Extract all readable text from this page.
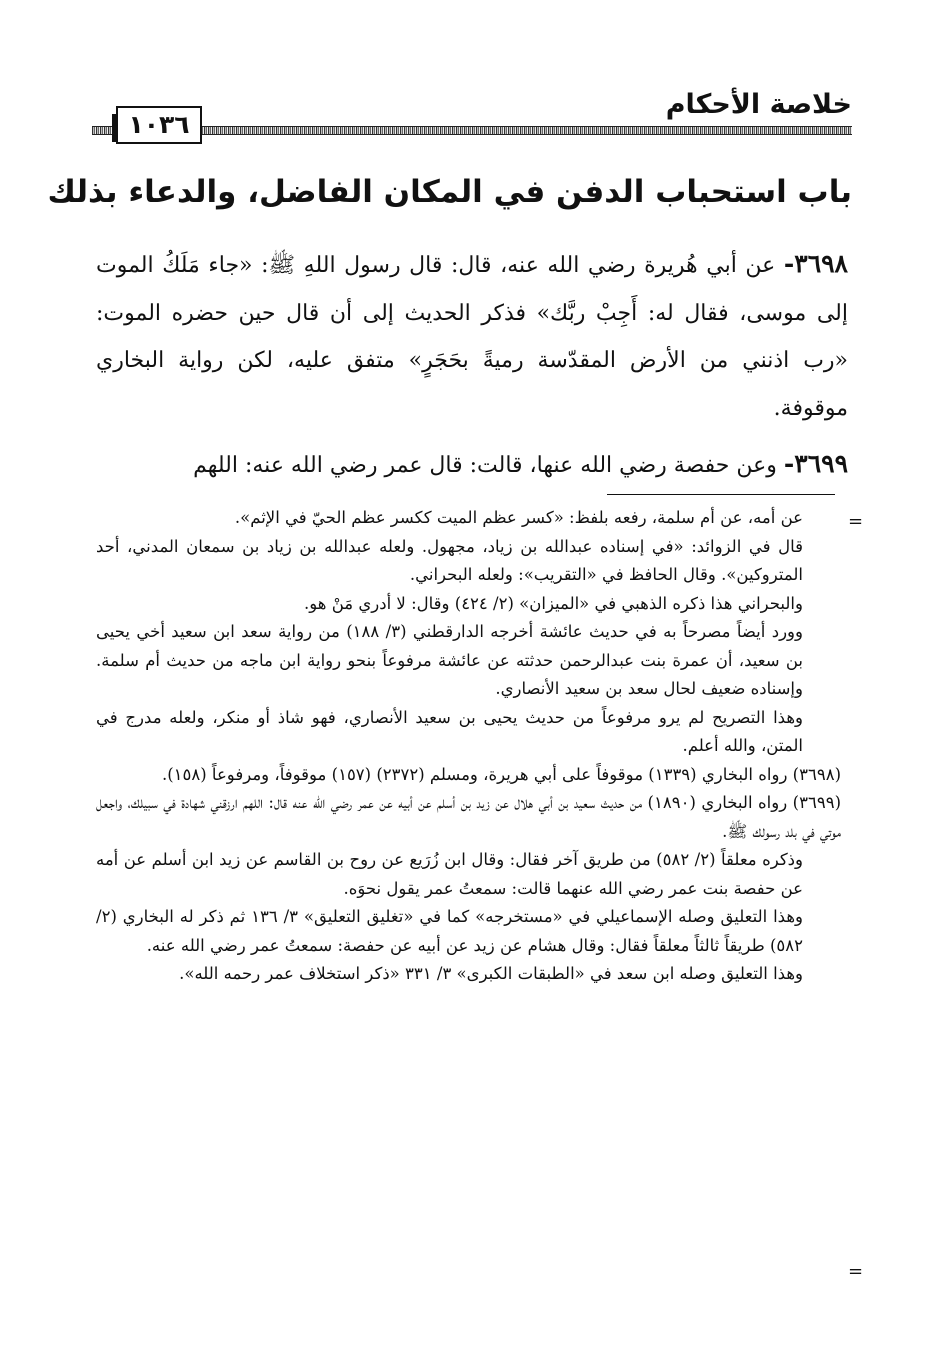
خلاصة الأحكام
١٠٣٦
باب استحباب الدفن في المكان الفاضل، والدعاء بذلك

٣٦٩٨- عن أبي هُريرة رضي الله عنه، قال: قال رسول اللهِ ﷺ: «جاء مَلَكُ الموت إلى موسى، فقال له: أَجِبْ ربَّك» فذكر الحديث إلى أن قال حين حضره الموت: «رب اذنني من الأرض المقدّسة رميةً بحَجَرٍ» متفق عليه، لكن رواية البخاري موقوفة.

٣٦٩٩- وعن حفصة رضي الله عنها، قالت: قال عمر رضي الله عنه: اللهم

=

عن أمه، عن أم سلمة، رفعه بلفظ: «كسر عظم الميت ككسر عظم الحيّ في الإثم».

قال في الزوائد: «في إسناده عبدالله بن زياد، مجهول. ولعله عبدالله بن زياد بن سمعان المدني، أحد المتروكين». وقال الحافظ في «التقريب»: ولعله البحراني.

والبحراني هذا ذكره الذهبي في «الميزان» (٢/ ٤٢٤) وقال: لا أدري مَنْ هو.

وورد أيضاً مصرحاً به في حديث عائشة أخرجه الدارقطني (٣/ ١٨٨) من رواية سعد ابن سعيد أخي يحيى بن سعيد، أن عمرة بنت عبدالرحمن حدثته عن عائشة مرفوعاً بنحو رواية ابن ماجه من حديث أم سلمة. وإسناده ضعيف لحال سعد بن سعيد الأنصاري.

وهذا التصريح لم يرو مرفوعاً من حديث يحيى بن سعيد الأنصاري، فهو شاذ أو منكر، ولعله مدرج في المتن، والله أعلم.

(٣٦٩٨) رواه البخاري (١٣٣٩) موقوفاً على أبي هريرة، ومسلم (٢٣٧٢) (١٥٧) موقوفاً، ومرفوعاً (١٥٨).

(٣٦٩٩) رواه البخاري (١٨٩٠) من حديث سعيد بن أبي هلال عن زيد بن أسلم عن أبيه عن عمر رضي الله عنه قال: اللهم ارزقني شهادة في سبيلك، واجعل موتي في بلد رسولك ﷺ.

وذكره معلقاً (٢/ ٥٨٢) من طريق آخر فقال: وقال ابن زُرَيع عن روح بن القاسم عن زيد ابن أسلم عن أمه عن حفصة بنت عمر رضي الله عنهما قالت: سمعتُ عمر يقول نحوَه.

وهذا التعليق وصله الإسماعيلي في «مستخرجه» كما في «تغليق التعليق» ٣/ ١٣٦ ثم ذكر له البخاري (٢/ ٥٨٢) طريقاً ثالثاً معلقاً فقال: وقال هشام عن زيد عن أبيه عن حفصة: سمعتُ عمر رضي الله عنه.

وهذا التعليق وصله ابن سعد في «الطبقات الكبرى» ٣/ ٣٣١ «ذكر استخلاف عمر رحمه الله».

=
